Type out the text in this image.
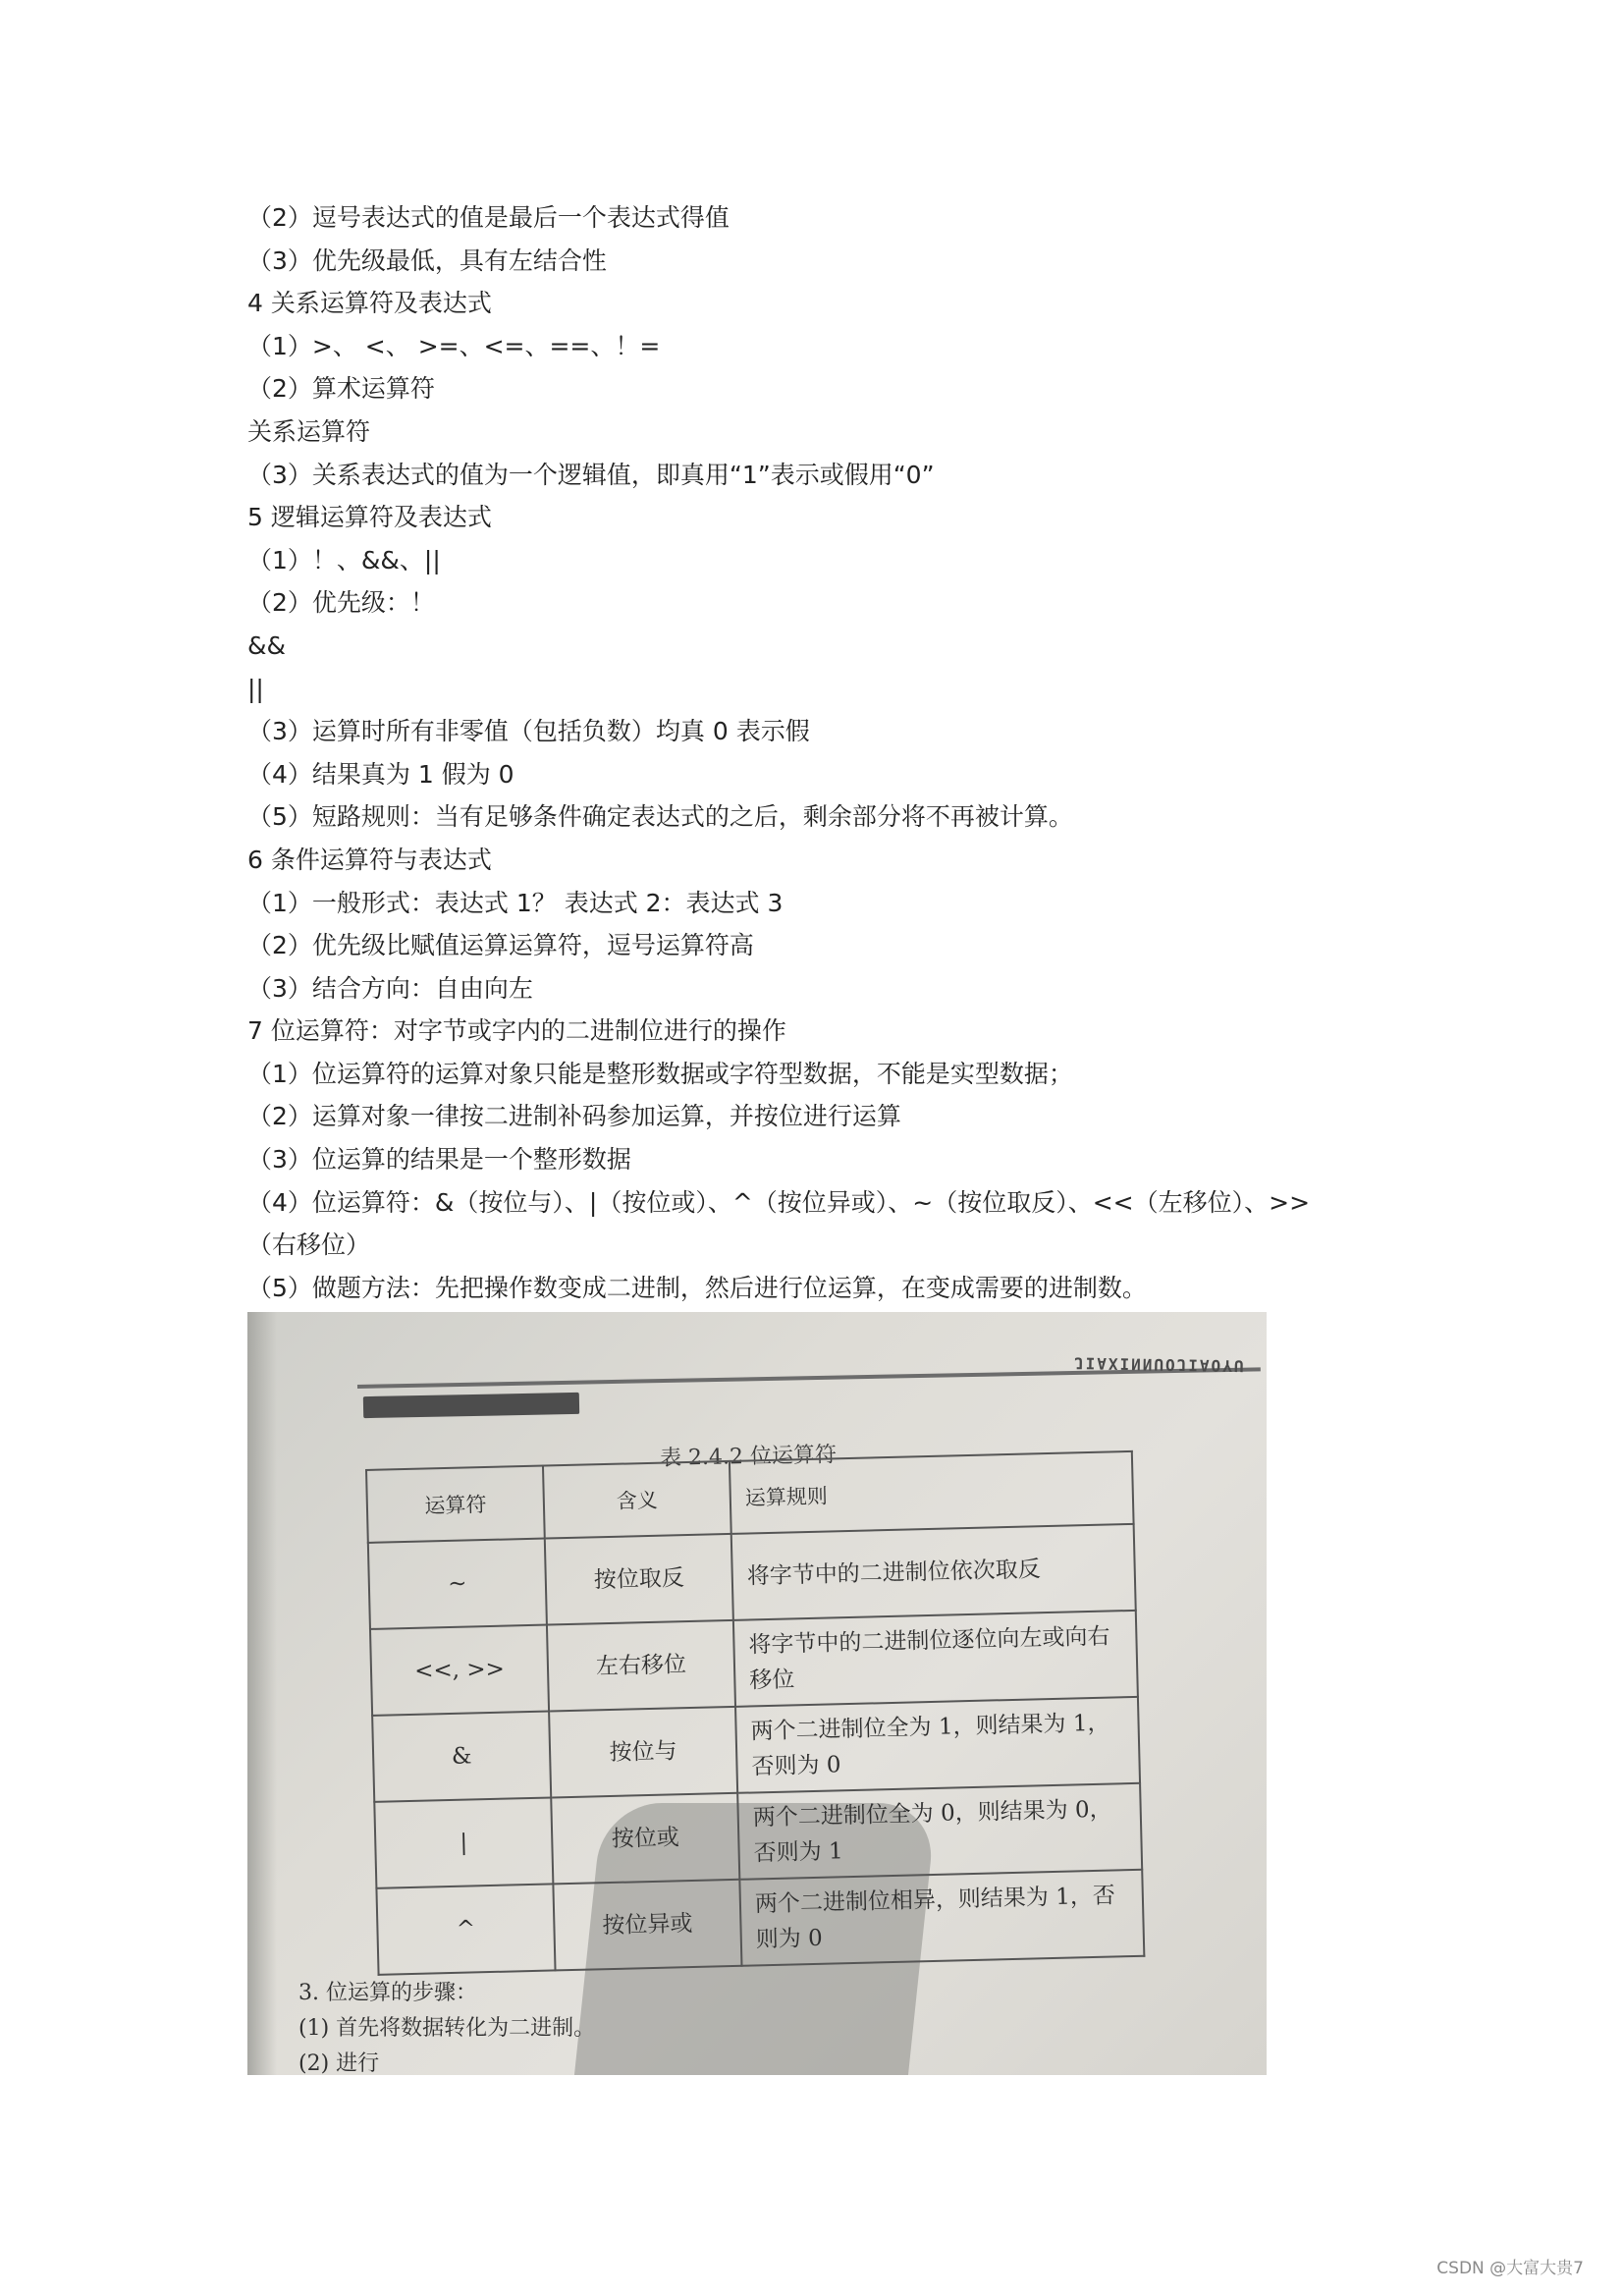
（2）逗号表达式的值是最后一个表达式得值
（3）优先级最低，具有左结合性
4 关系运算符及表达式
（1）>、 <、 >=、<=、==、！=
（2）算术运算符
关系运算符
（3）关系表达式的值为一个逻辑值，即真用“1”表示或假用“0”
5 逻辑运算符及表达式
（1）！、&&、||
（2）优先级：！
&&
||
（3）运算时所有非零值（包括负数）均真 0 表示假
（4）结果真为 1 假为 0
（5）短路规则：当有足够条件确定表达式的之后，剩余部分将不再被计算。
6 条件运算符与表达式
（1）一般形式：表达式 1？ 表达式 2：表达式 3
（2）优先级比赋值运算运算符，逗号运算符高
（3）结合方向：自由向左
7 位运算符：对字节或字内的二进制位进行的操作
（1）位运算符的运算对象只能是整形数据或字符型数据，不能是实型数据；
（2）运算对象一律按二进制补码参加运算，并按位进行运算
（3）位运算的结果是一个整形数据
（4）位运算符：&（按位与）、|（按位或）、^（按位异或）、~（按位取反）、<<（左移位）、>>（右移位）
（5）做题方法：先把操作数变成二进制，然后进行位运算，在变成需要的进制数。
JIAXINNUOJIAOYU
表 2.4.2 位运算符
运算符	含义	运算规则
~	按位取反	将字节中的二进制位依次取反
<<, >>	左右移位	将字节中的二进制位逐位向左或向右移位
&	按位与	两个二进制位全为 1，则结果为 1，否则为 0
|	按位或	两个二进制位全为 0，则结果为 0，否则为 1
^	按位异或	两个二进制位相异，则结果为 1，否则为 0
3. 位运算的步骤：
(1) 首先将数据转化为二进制。
(2) 进行
CSDN @大富大贵7
